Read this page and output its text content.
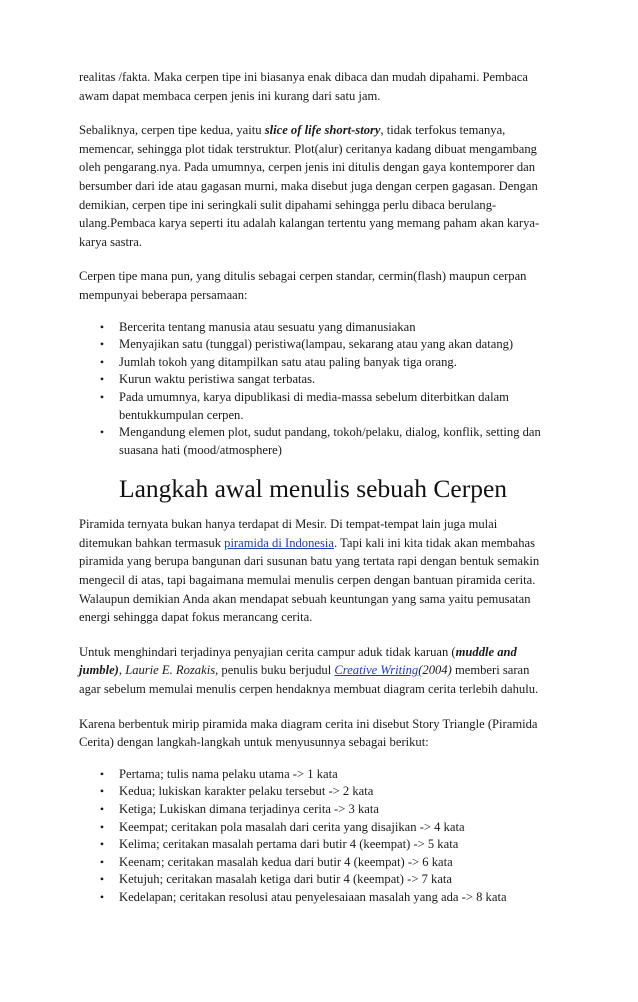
realitas /fakta. Maka cerpen tipe ini biasanya enak dibaca dan mudah dipahami. Pembaca awam dapat membaca cerpen jenis ini kurang dari satu jam.

Sebaliknya, cerpen tipe kedua, yaitu slice of life short-story, tidak terfokus temanya, memencar, sehingga plot tidak terstruktur. Plot(alur) ceritanya kadang dibuat mengambang oleh pengarang.nya. Pada umumnya, cerpen jenis ini ditulis dengan gaya kontemporer dan bersumber dari ide atau gagasan murni, maka disebut juga dengan cerpen gagasan. Dengan demikian, cerpen tipe ini seringkali sulit dipahami sehingga perlu dibaca berulang-ulang.Pembaca karya seperti itu adalah kalangan tertentu yang memang paham akan karya-karya sastra.

Cerpen tipe mana pun, yang ditulis sebagai cerpen standar, cermin(flash) maupun cerpan mempunyai beberapa persamaan:

• Bercerita tentang manusia atau sesuatu yang dimanusiakan
• Menyajikan satu (tunggal) peristiwa(lampau, sekarang atau yang akan datang)
• Jumlah tokoh yang ditampilkan satu atau paling banyak tiga orang.
• Kurun waktu peristiwa sangat terbatas.
• Pada umumnya, karya dipublikasi di media-massa sebelum diterbitkan dalam bentukkumpulan cerpen.
• Mengandung elemen plot, sudut pandang, tokoh/pelaku, dialog, konflik, setting dan suasana hati (mood/atmosphere)
Langkah awal menulis sebuah Cerpen

Piramida ternyata bukan hanya terdapat di Mesir. Di tempat-tempat lain juga mulai ditemukan bahkan termasuk piramida di Indonesia. Tapi kali ini kita tidak akan membahas piramida yang berupa bangunan dari susunan batu yang tertata rapi dengan bentuk semakin mengecil di atas, tapi bagaimana memulai menulis cerpen dengan bantuan piramida cerita. Walaupun demikian Anda akan mendapat sebuah keuntungan yang sama yaitu pemusatan energi sehingga dapat fokus merancang cerita.

Untuk menghindari terjadinya penyajian cerita campur aduk tidak karuan (muddle and jumble), Laurie E. Rozakis, penulis buku berjudul Creative Writing(2004) memberi saran agar sebelum memulai menulis cerpen hendaknya membuat diagram cerita terlebih dahulu.

Karena berbentuk mirip piramida maka diagram cerita ini disebut Story Triangle (Piramida Cerita) dengan langkah-langkah untuk menyusunnya sebagai berikut:

• Pertama; tulis nama pelaku utama -> 1 kata
• Kedua; lukiskan karakter pelaku tersebut -> 2 kata
• Ketiga; Lukiskan dimana terjadinya cerita -> 3 kata
• Keempat; ceritakan pola masalah dari cerita yang disajikan -> 4 kata
• Kelima; ceritakan masalah pertama dari butir 4 (keempat) -> 5 kata
• Keenam; ceritakan masalah kedua dari butir 4 (keempat) -> 6 kata
• Ketujuh; ceritakan masalah ketiga dari butir 4 (keempat) -> 7 kata
• Kedelapan; ceritakan resolusi atau penyelesaiaan masalah yang ada -> 8 kata
